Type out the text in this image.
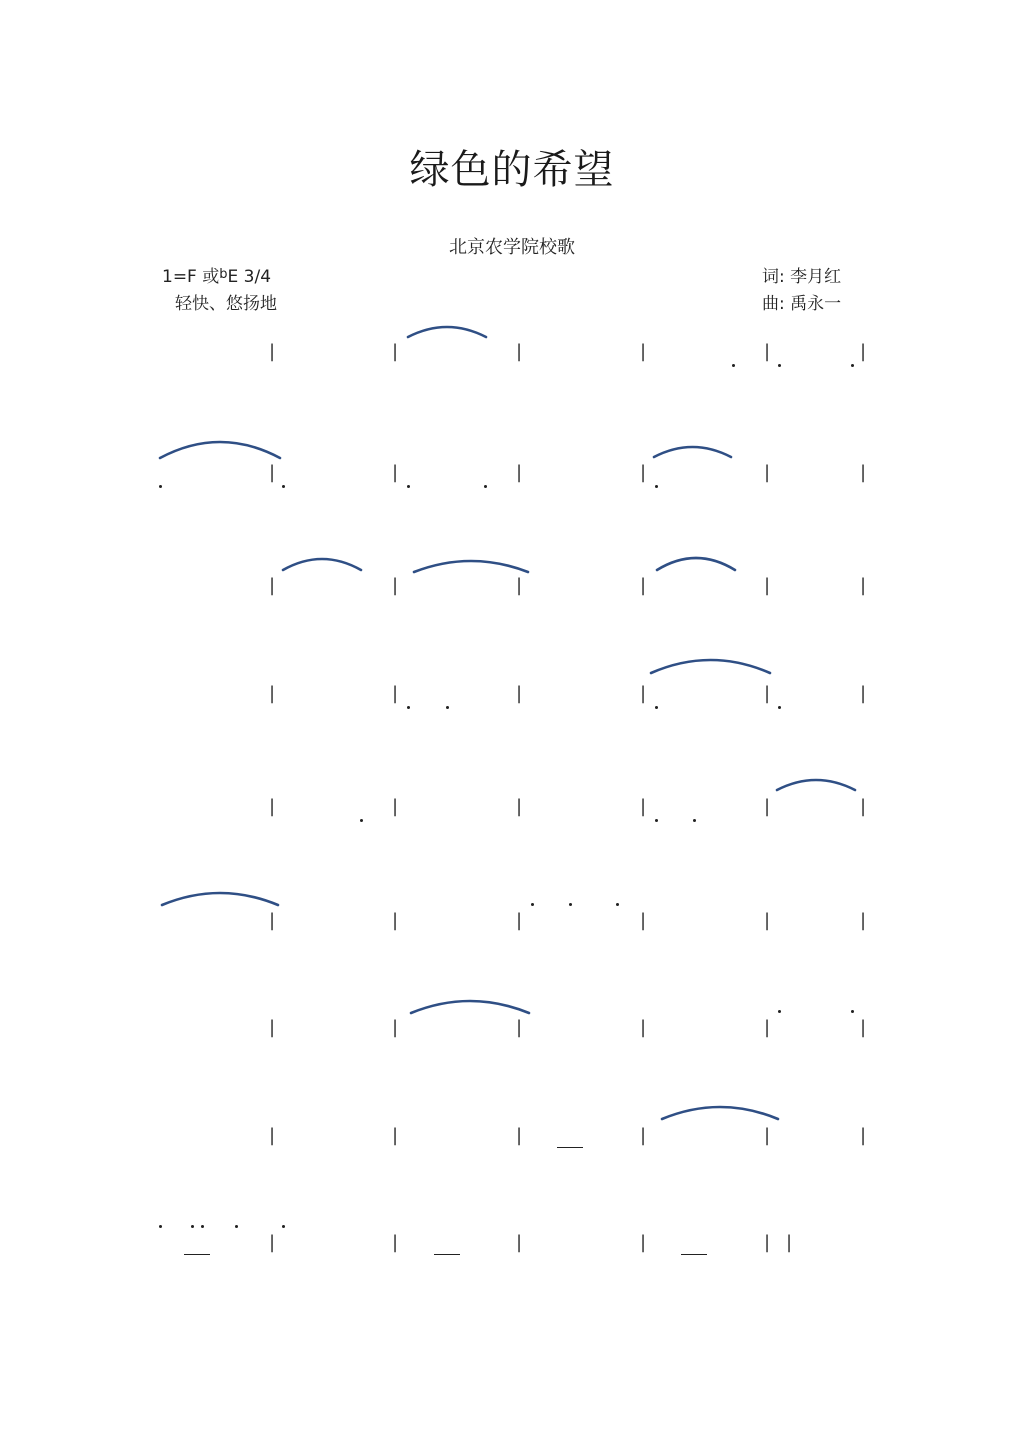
绿色的希望
北京农学院校歌
1=F 或$^b$E 3/4
轻快、悠扬地
词: 李月红
曲: 禹永一
|	|	|	|	|	|
|	|	|	|	|	|
|	|	|	|	|	|
|	|	|	|	|	|
|	|	|	|	|	|
|	|	|	|	|	|
|	|	|	|	|	|
|	|	|	|	|	|
|	|	|	|	| |
